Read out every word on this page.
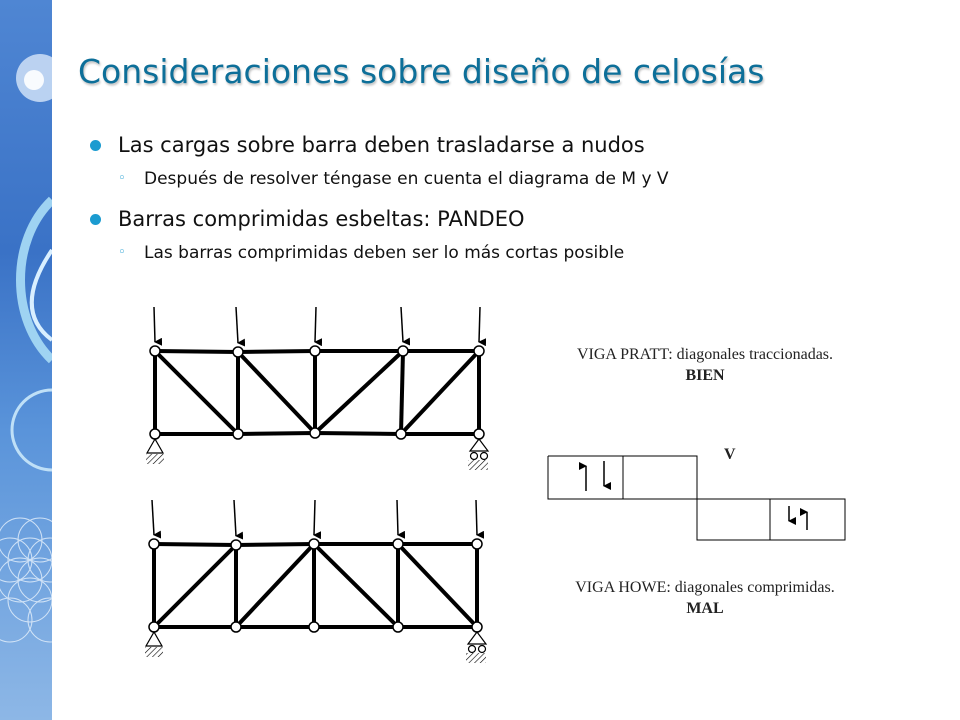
Consideraciones sobre diseño de celosías
Las cargas sobre barra deben trasladarse a nudos
◦ Después de resolver téngase en cuenta el diagrama de M y V
Barras comprimidas esbeltas: PANDEO
◦ Las barras comprimidas deben ser lo más cortas posible
VIGA PRATT: diagonales traccionadas.
BIEN
V
VIGA HOWE: diagonales comprimidas.
MAL
